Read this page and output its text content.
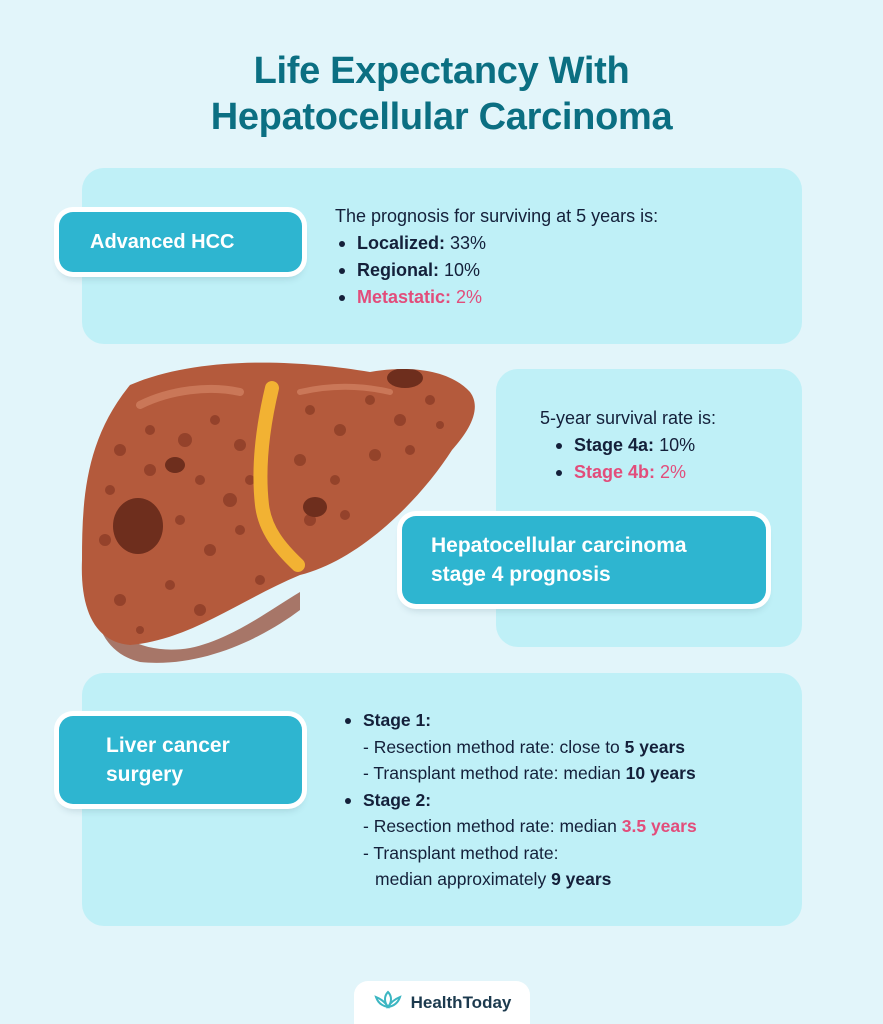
Life Expectancy With
Hepatocellular Carcinoma
Advanced HCC
The prognosis for surviving at 5 years is:
Localized: 33%
Regional: 10%
Metastatic: 2%
5-year survival rate is:
Stage 4a: 10%
Stage 4b: 2%
Hepatocellular carcinoma
stage 4 prognosis
Liver cancer
surgery
Stage 1:
- Resection method rate: close to 5 years
- Transplant method rate: median 10 years
Stage 2:
- Resection method rate: median 3.5 years
- Transplant method rate:
median approximately 9 years
HealthToday
